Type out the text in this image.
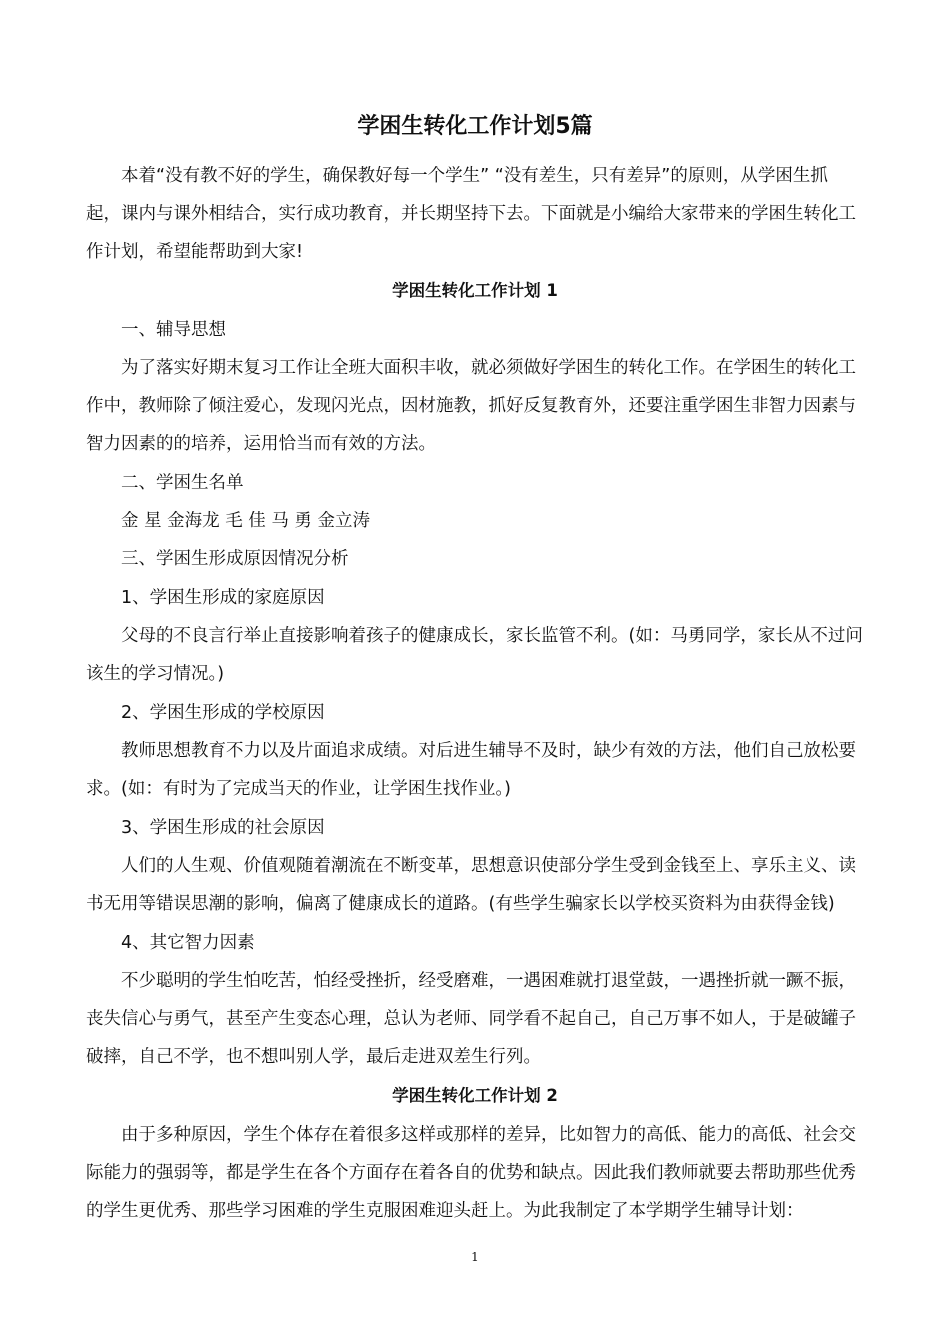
学困生转化工作计划5篇
本着“没有教不好的学生，确保教好每一个学生” “没有差生，只有差异”的原则，从学困生抓
起，课内与课外相结合，实行成功教育，并长期坚持下去。下面就是小编给大家带来的学困生转化工
作计划，希望能帮助到大家!
学困生转化工作计划 1
一、辅导思想
为了落实好期末复习工作让全班大面积丰收，就必须做好学困生的转化工作。在学困生的转化工
作中，教师除了倾注爱心，发现闪光点，因材施教，抓好反复教育外，还要注重学困生非智力因素与
智力因素的的培养，运用恰当而有效的方法。
二、学困生名单
金 星 金海龙 毛 佳 马 勇 金立涛
三、学困生形成原因情况分析
1、学困生形成的家庭原因
父母的不良言行举止直接影响着孩子的健康成长，家长监管不利。(如：马勇同学，家长从不过问
该生的学习情况。)
2、学困生形成的学校原因
教师思想教育不力以及片面追求成绩。对后进生辅导不及时，缺少有效的方法，他们自己放松要
求。(如：有时为了完成当天的作业，让学困生找作业。)
3、学困生形成的社会原因
人们的人生观、价值观随着潮流在不断变革，思想意识使部分学生受到金钱至上、享乐主义、读
书无用等错误思潮的影响，偏离了健康成长的道路。(有些学生骗家长以学校买资料为由获得金钱)
4、其它智力因素
不少聪明的学生怕吃苦，怕经受挫折，经受磨难，一遇困难就打退堂鼓，一遇挫折就一蹶不振，
丧失信心与勇气，甚至产生变态心理，总认为老师、同学看不起自己，自己万事不如人，于是破罐子
破摔，自己不学，也不想叫别人学，最后走进双差生行列。
学困生转化工作计划 2
由于多种原因，学生个体存在着很多这样或那样的差异，比如智力的高低、能力的高低、社会交
际能力的强弱等，都是学生在各个方面存在着各自的优势和缺点。因此我们教师就要去帮助那些优秀
的学生更优秀、那些学习困难的学生克服困难迎头赶上。为此我制定了本学期学生辅导计划：
1
